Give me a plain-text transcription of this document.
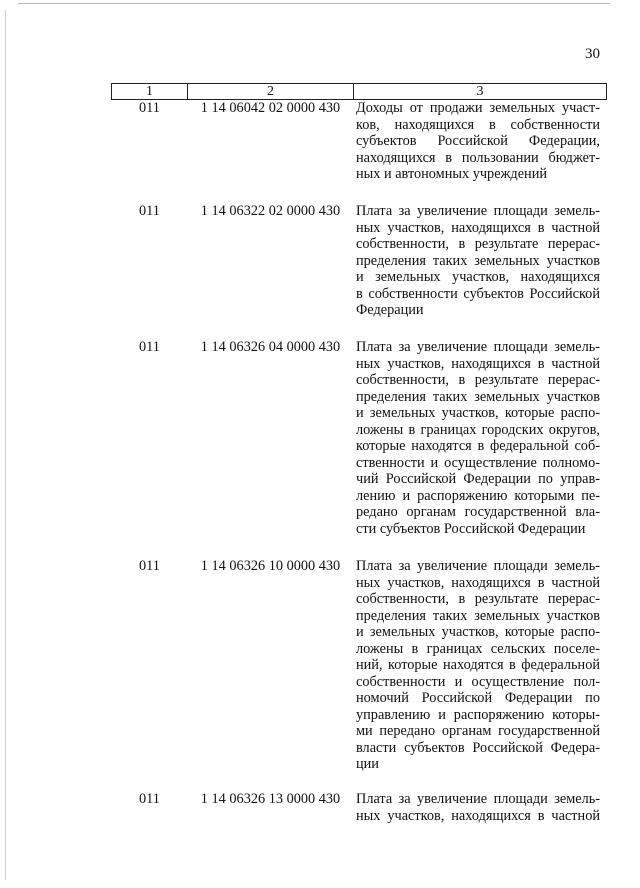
30
1	2	3
011	1 14 06042 02 0000 430	Доходы от продажи земельных участ-
ков, находящихся в собственности
субъектов Российской Федерации,
находящихся в пользовании бюджет-
ных и автономных учреждений
011	1 14 06322 02 0000 430	Плата за увеличение площади земель-
ных участков, находящихся в частной
собственности, в результате перерас-
пределения таких земельных участков
и земельных участков, находящихся
в собственности субъектов Российской
Федерации
011	1 14 06326 04 0000 430	Плата за увеличение площади земель-
ных участков, находящихся в частной
собственности, в результате перерас-
пределения таких земельных участков
и земельных участков, которые распо-
ложены в границах городских округов,
которые находятся в федеральной соб-
ственности и осуществление полномо-
чий Российской Федерации по управ-
лению и распоряжению которыми пе-
редано органам государственной вла-
сти субъектов Российской Федерации
011	1 14 06326 10 0000 430	Плата за увеличение площади земель-
ных участков, находящихся в частной
собственности, в результате перерас-
пределения таких земельных участков
и земельных участков, которые распо-
ложены в границах сельских поселе-
ний, которые находятся в федеральной
собственности и осуществление пол-
номочий Российской Федерации по
управлению и распоряжению которы-
ми передано органам государственной
власти субъектов Российской Федера-
ции
011	1 14 06326 13 0000 430	Плата за увеличение площади земель-
ных участков, находящихся в частной
